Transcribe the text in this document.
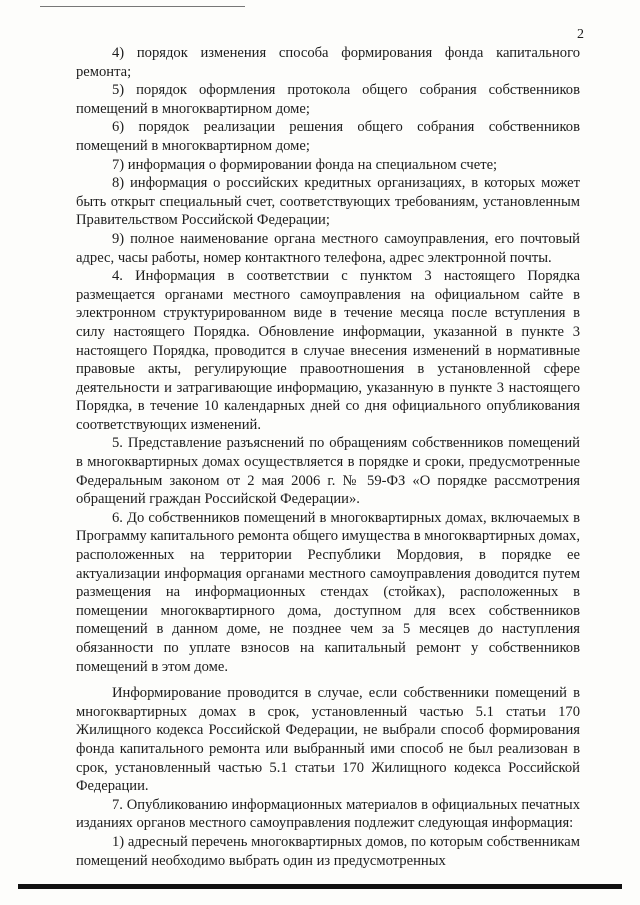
2

4) порядок изменения способа формирования фонда капитального ремонта;

5) порядок оформления протокола общего собрания собственников помещений в многоквартирном доме;

6) порядок реализации решения общего собрания собственников помещений в многоквартирном доме;

7) информация о формировании фонда на специальном счете;

8) информация о российских кредитных организациях, в которых может быть открыт специальный счет, соответствующих требованиям, установленным Правительством Российской Федерации;

9) полное наименование органа местного самоуправления, его почтовый адрес, часы работы, номер контактного телефона, адрес электронной почты.

4. Информация в соответствии с пунктом 3 настоящего Порядка размещается органами местного самоуправления на официальном сайте в электронном структурированном виде в течение месяца после вступления в силу настоящего Порядка. Обновление информации, указанной в пункте 3 настоящего Порядка, проводится в случае внесения изменений в нормативные правовые акты, регулирующие правоотношения в установленной сфере деятельности и затрагивающие информацию, указанную в пункте 3 настоящего Порядка, в течение 10 календарных дней со дня официального опубликования соответствующих изменений.

5. Представление разъяснений по обращениям собственников помещений в многоквартирных домах осуществляется в порядке и сроки, предусмотренные Федеральным законом от 2 мая 2006 г. № 59-ФЗ «О порядке рассмотрения обращений граждан Российской Федерации».

6. До собственников помещений в многоквартирных домах, включаемых в Программу капитального ремонта общего имущества в многоквартирных домах, расположенных на территории Республики Мордовия, в порядке ее актуализации информация органами местного самоуправления доводится путем размещения на информационных стендах (стойках), расположенных в помещении многоквартирного дома, доступном для всех собственников помещений в данном доме, не позднее чем за 5 месяцев до наступления обязанности по уплате взносов на капитальный ремонт у собственников помещений в этом доме.

Информирование проводится в случае, если собственники помещений в многоквартирных домах в срок, установленный частью 5.1 статьи 170 Жилищного кодекса Российской Федерации, не выбрали способ формирования фонда капитального ремонта или выбранный ими способ не был реализован в срок, установленный частью 5.1 статьи 170 Жилищного кодекса Российской Федерации.

7. Опубликованию информационных материалов в официальных печатных изданиях органов местного самоуправления подлежит следующая информация:

1) адресный перечень многоквартирных домов, по которым собственникам помещений необходимо выбрать один из предусмотренных
